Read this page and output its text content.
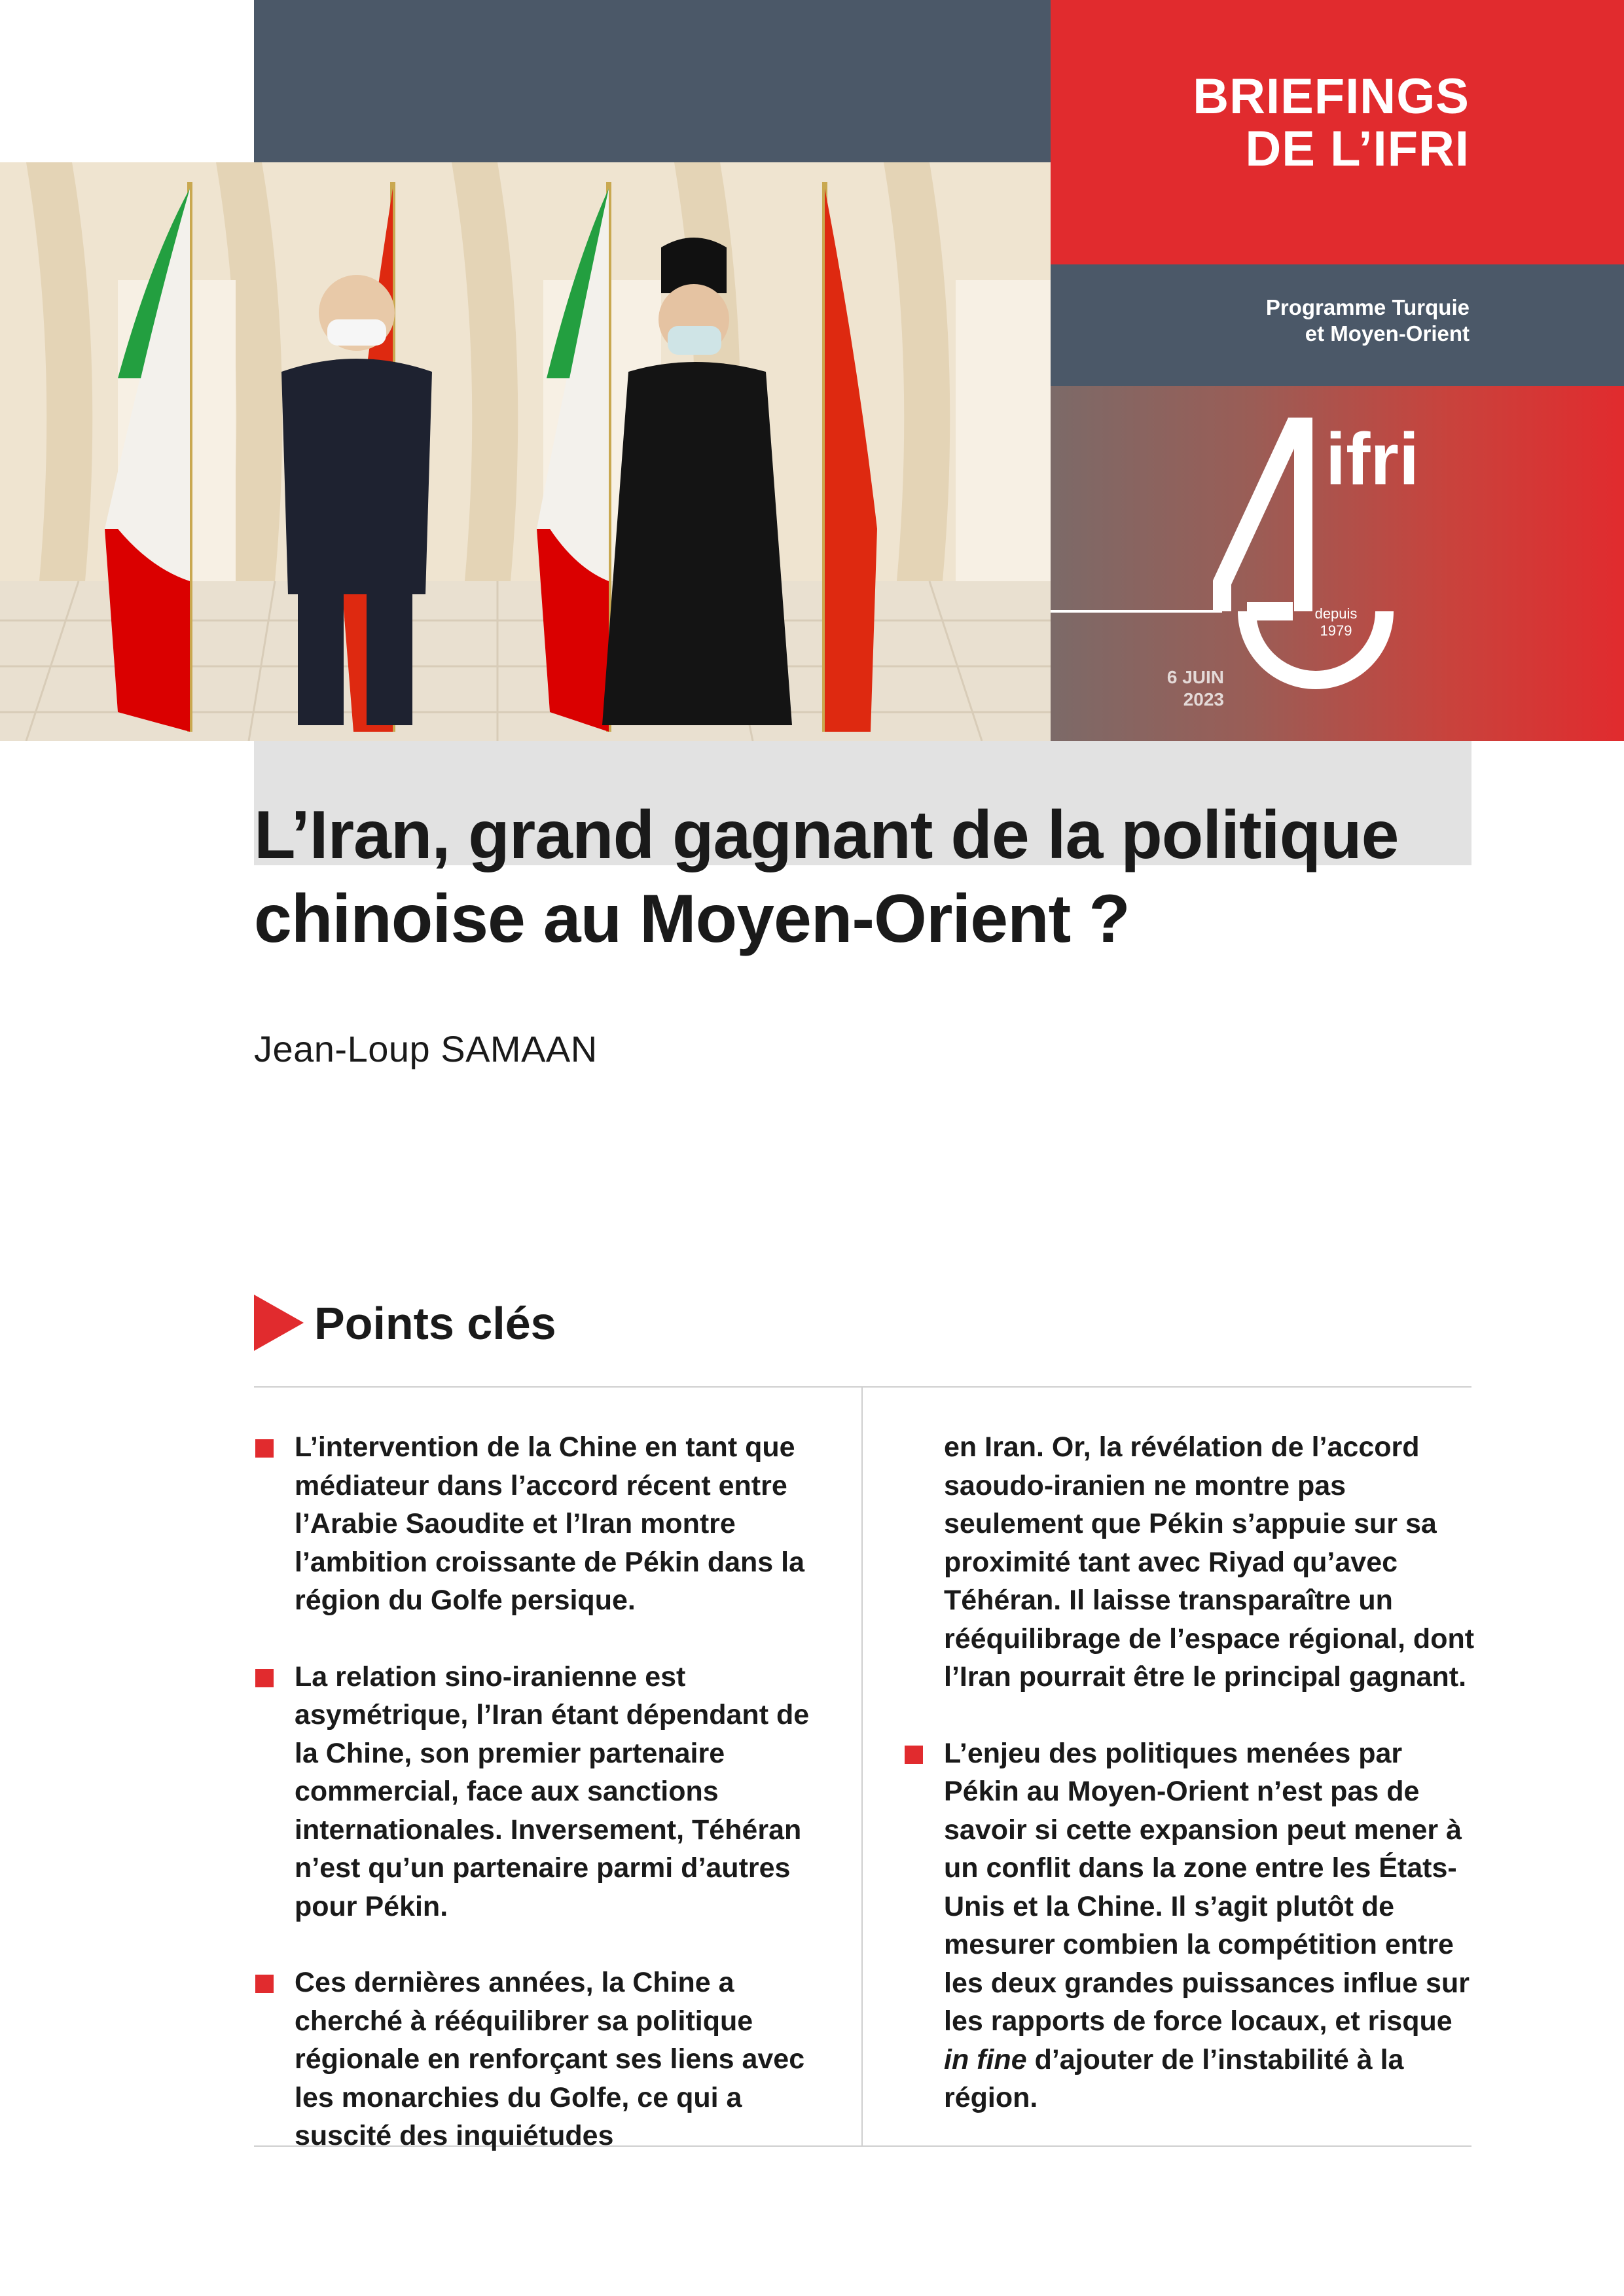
BRIEFINGS
DE L’IFRI
Programme Turquie
et Moyen-Orient
ifri
depuis
1979
6 JUIN
2023
L’Iran, grand gagnant de la politique
chinoise au Moyen-Orient ?
Jean-Loup SAMAAN
Points clés

L’intervention de la Chine en tant que médiateur dans l’accord récent entre l’Arabie Saoudite et l’Iran montre l’ambition croissante de Pékin dans la région du Golfe persique.

La relation sino-iranienne est asymétrique, l’Iran étant dépendant de la Chine, son premier partenaire commercial, face aux sanctions internationales. Inversement, Téhéran n’est qu’un partenaire parmi d’autres pour Pékin.

Ces dernières années, la Chine a cherché à rééquilibrer sa politique régionale en renforçant ses liens avec les monarchies du Golfe, ce qui a suscité des inquiétudes

en Iran. Or, la révélation de l’accord saoudo-iranien ne montre pas seulement que Pékin s’appuie sur sa proximité tant avec Riyad qu’avec Téhéran. Il laisse transparaître un rééquilibrage de l’espace régional, dont l’Iran pourrait être le principal gagnant.

L’enjeu des politiques menées par Pékin au Moyen-Orient n’est pas de savoir si cette expansion peut mener à un conflit dans la zone entre les États-Unis et la Chine. Il s’agit plutôt de mesurer combien la compétition entre les deux grandes puissances influe sur les rapports de force locaux, et risque in fine d’ajouter de l’instabilité à la région.
